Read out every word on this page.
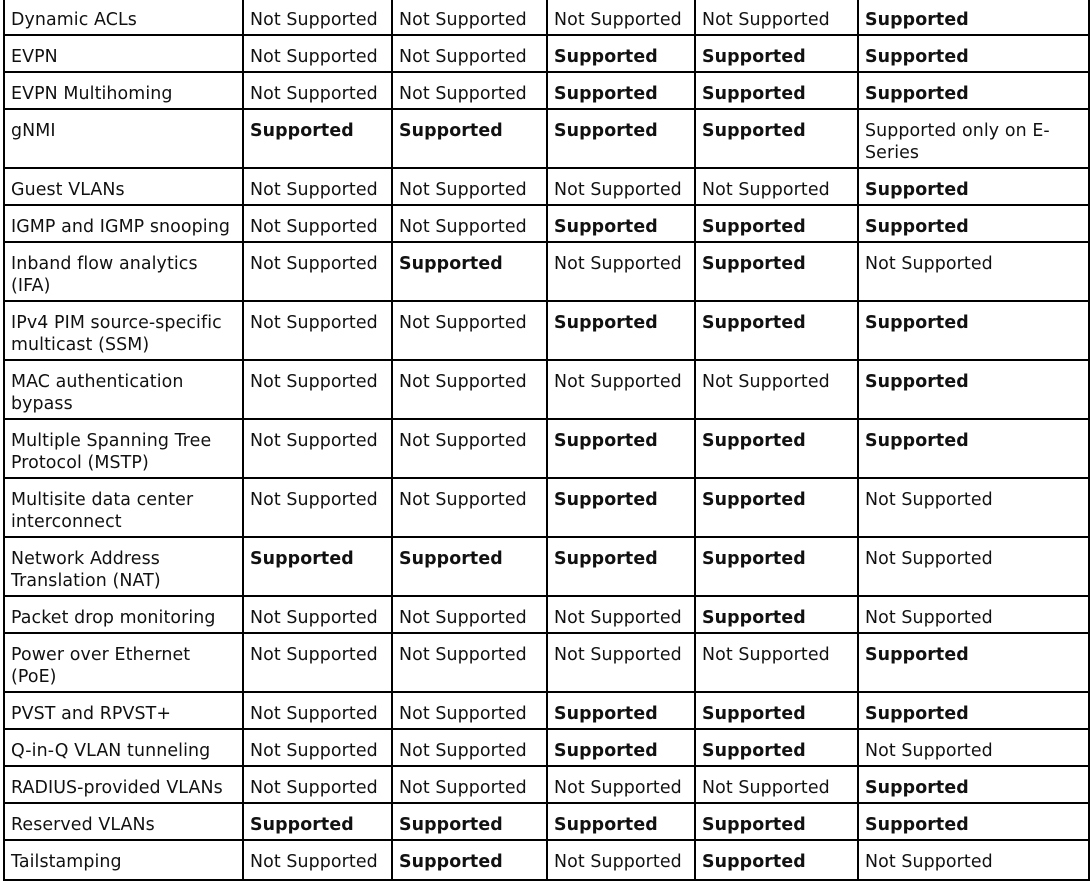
Dynamic ACLs	Not Supported	Not Supported	Not Supported	Not Supported	Supported
EVPN	Not Supported	Not Supported	Supported	Supported	Supported
EVPN Multihoming	Not Supported	Not Supported	Supported	Supported	Supported
gNMI	Supported	Supported	Supported	Supported	Supported only on E-Series
Guest VLANs	Not Supported	Not Supported	Not Supported	Not Supported	Supported
IGMP and IGMP snooping	Not Supported	Not Supported	Supported	Supported	Supported
Inband flow analytics (IFA)	Not Supported	Supported	Not Supported	Supported	Not Supported
IPv4 PIM source-specific multicast (SSM)	Not Supported	Not Supported	Supported	Supported	Supported
MAC authentication bypass	Not Supported	Not Supported	Not Supported	Not Supported	Supported
Multiple Spanning Tree Protocol (MSTP)	Not Supported	Not Supported	Supported	Supported	Supported
Multisite data center interconnect	Not Supported	Not Supported	Supported	Supported	Not Supported
Network Address Translation (NAT)	Supported	Supported	Supported	Supported	Not Supported
Packet drop monitoring	Not Supported	Not Supported	Not Supported	Supported	Not Supported
Power over Ethernet (PoE)	Not Supported	Not Supported	Not Supported	Not Supported	Supported
PVST and RPVST+	Not Supported	Not Supported	Supported	Supported	Supported
Q-in-Q VLAN tunneling	Not Supported	Not Supported	Supported	Supported	Not Supported
RADIUS-provided VLANs	Not Supported	Not Supported	Not Supported	Not Supported	Supported
Reserved VLANs	Supported	Supported	Supported	Supported	Supported
Tailstamping	Not Supported	Supported	Not Supported	Supported	Not Supported
